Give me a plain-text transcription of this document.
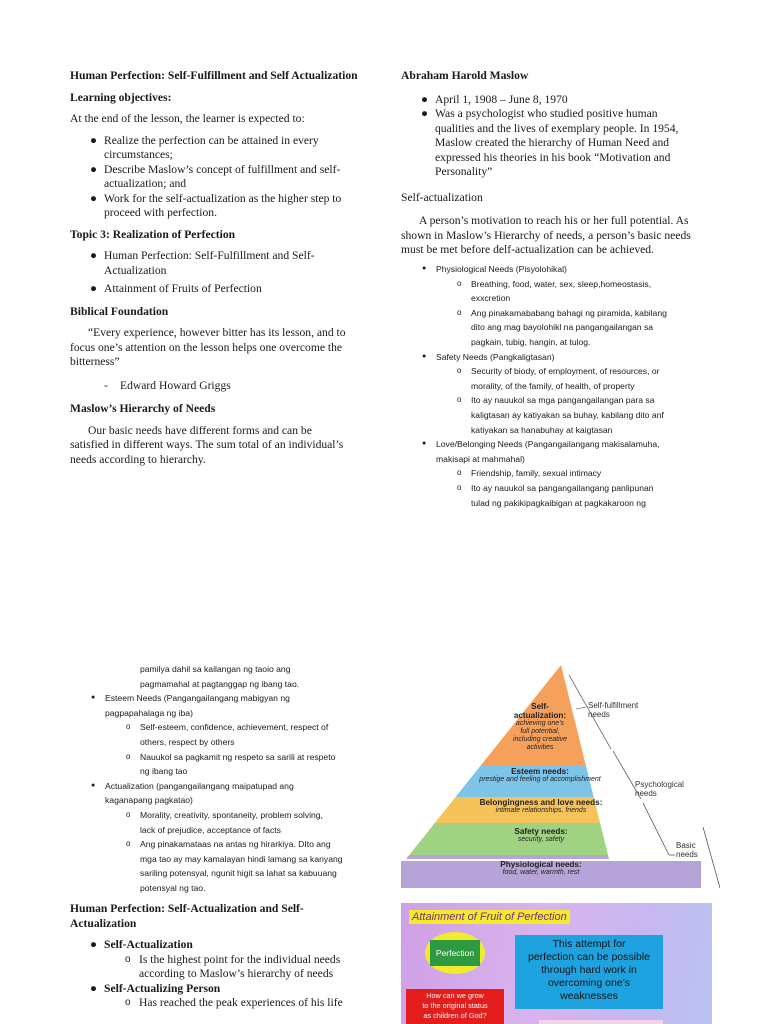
Human Perfection: Self-Fulfillment and Self Actualization

Learning objectives:

At the end of the lesson, the learner is expected to:

● Realize the perfection can be attained in every

circumstances;

● Describe Maslow’s concept of fulfillment and self-

actualization; and

● Work for the self-actualization as the higher step to

proceed with perfection.

Topic 3: Realization of Perfection

● Human Perfection: Self-Fulfillment and Self-

Actualization

● Attainment of Fruits of Perfection

Biblical Foundation

“Every experience, however bitter has its lesson, and to

focus one’s attention on the lesson helps one overcome the

bitterness”

- Edward Howard Griggs

Maslow’s Hierarchy of Needs

Our basic needs have different forms and can be

satisfied in different ways. The sum total of an individual’s

needs according to hierarchy.

Abraham Harold Maslow

● April 1, 1908 – June 8, 1970

● Was a psychologist who studied positive human

qualities and the lives of exemplary people. In 1954,

Maslow created the hierarchy of Human Need and

expressed his theories in his book “Motivation and

Personality”

Self-actualization

A person’s motivation to reach his or her full potential. As

shown in Maslow’s Hierarchy of needs, a person’s basic needs

must be met before delf-actualization can be achieved.

● Physiological Needs (Pisyolohikal)

o Breathing, food, water, sex, sleep,homeostasis,

exxcretion

o Ang pinakamababang bahagi ng piramida, kabilang

dito ang mag bayolohikl na pangangailangan sa

pagkain, tubig, hangin, at tulog.

● Safety Needs (Pangkaligtasan)

o Security of biody, of employment, of resources, or

morality, of the family, of health, of property

o Ito ay nauukol sa mga pangangailangan para sa

kaligtasan ay katiyakan sa buhay, kabilang dito anf

katiyakan sa hanabuhay at kaigtasan

● Love/Belonging Needs (Pangangailangang makisalamuha,

makisapi at mahmahal)

o Friendship, family, sexual intimacy

o Ito ay nauukol sa pangangailangang panlipunan

tulad ng pakikipagkaibigan at pagkakaroon ng

pamilya dahil sa kailangan ng taoio ang

pagmamahal at pagtanggap ng ibang tao.

● Esteem Needs (Pangangailangang mabigyan ng

pagpapahalaga ng iba)

o Self-esteem, confidence, achievement, respect of

others, respect by others

o Nauukol sa pagkamit ng respeto sa sarili at respeto

ng ibang tao

● Actualization (pangangailangang maipatupad ang

kaganapang pagkatao)

o Morality, creativity, spontaneity, problem solving,

lack of prejudice, acceptance of facts

o Ang pinakamataas na antas ng hirarkiya. DIto ang

mga tao ay may kamalayan hindi lamang sa kanyang

sariling potensyal, ngunit higit sa lahat sa kabuuang

potensyal ng tao.

Human Perfection: Self-Actualization and Self-

Actualization

● Self-Actualization

o Is the highest point for the individual needs

according to Maslow’s hierarchy of needs

● Self-Actualizing Person

o Has reached the peak experiences of his life

Self-
actualization:
achieving one’s
full potential,
including creative
activities
Esteem needs:
prestige and feeling of accomplishment
Belongingness and love needs:
intimate relationships, friends
Safety needs:
security, safety
Physiological needs:
food, water, warmth, rest
Self-fulfillment
needs
Psychological
needs
Basic
needs
Attainment of Fruit of Perfection
Perfection
This attempt for
perfection can be possible
through hard work in
overcoming one’s
weaknesses
How can we grow
to the original status
as children of God?
